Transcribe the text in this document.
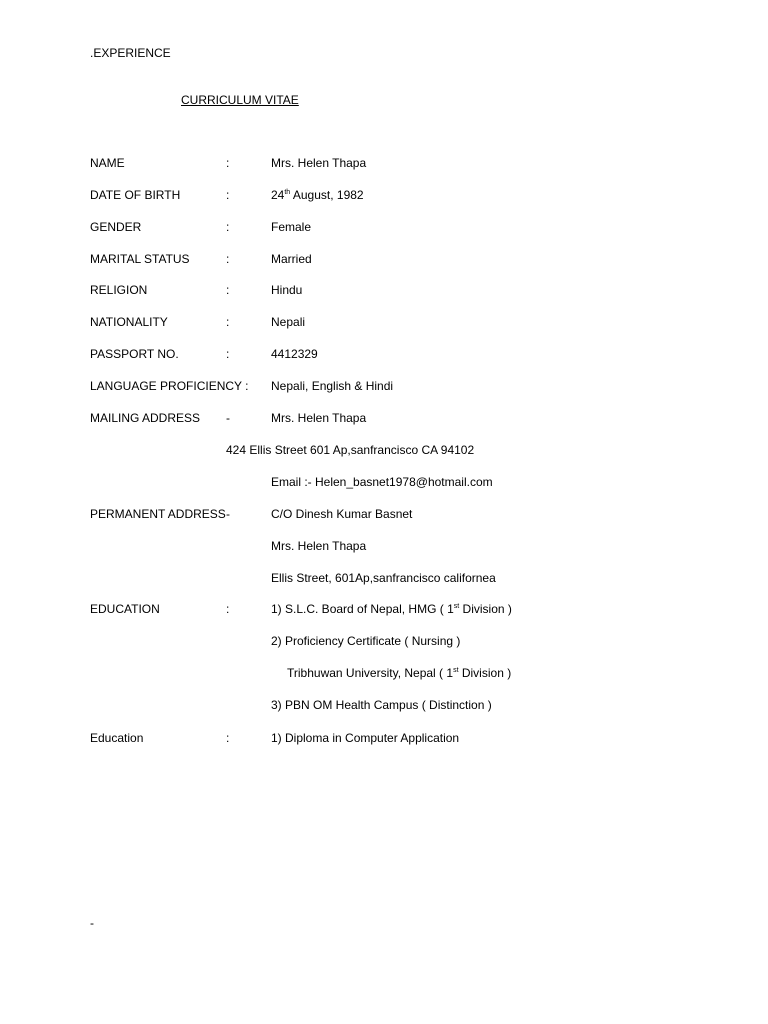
.EXPERIENCE
CURRICULUM VITAE
NAME	:	Mrs. Helen Thapa
DATE OF BIRTH	:	24th August, 1982
GENDER	:	Female
MARITAL STATUS	:	Married
RELIGION	:	Hindu
NATIONALITY	:	Nepali
PASSPORT NO.	:	4412329
LANGUAGE PROFICIENCY : Nepali, English & Hindi
MAILING ADDRESS -	Mrs. Helen Thapa
424 Ellis Street 601 Ap,sanfrancisco CA 94102
Email :- Helen_basnet1978@hotmail.com
PERMANENT ADDRESS -	C/O Dinesh Kumar Basnet
Mrs. Helen Thapa
Ellis Street, 601Ap,sanfrancisco californea
EDUCATION	:	1) S.L.C. Board of Nepal, HMG ( 1st Division )
2) Proficiency Certificate ( Nursing )
Tribhuwan University, Nepal ( 1st Division )
3) PBN OM Health Campus ( Distinction )
Education	:	1) Diploma in Computer Application
-
